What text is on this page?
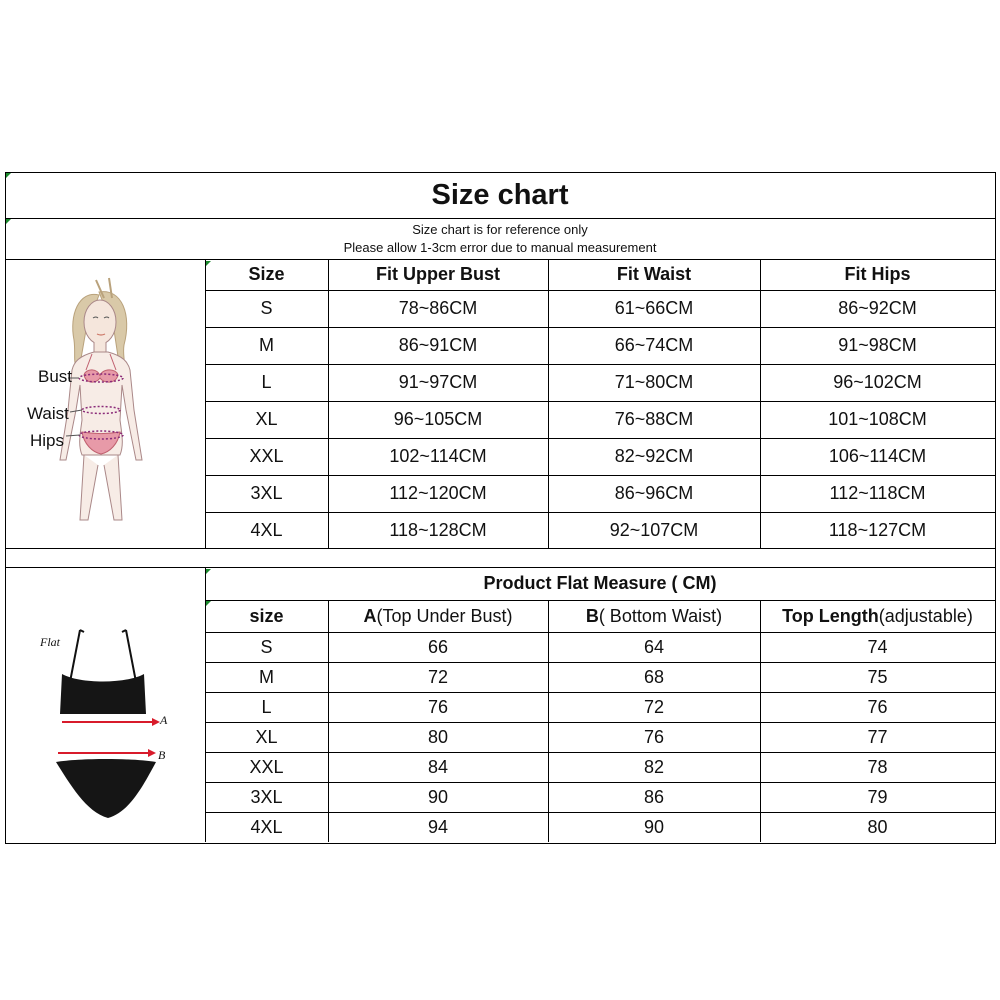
Size chart
Size chart is for reference only
Please allow 1-3cm error due to manual measurement
Product Flat Measure ( CM)
Bust
Waist
Hips
Flat
A
B
Size	Fit Upper Bust	Fit Waist	Fit Hips
S	78~86CM	61~66CM	86~92CM
M	86~91CM	66~74CM	91~98CM
L	91~97CM	71~80CM	96~102CM
XL	96~105CM	76~88CM	101~108CM
XXL	102~114CM	82~92CM	106~114CM
3XL	112~120CM	86~96CM	112~118CM
4XL	118~128CM	92~107CM	118~127CM
size	A (Top Under Bust)	B ( Bottom Waist)	Top Length (adjustable)
S	66	64	74
M	72	68	75
L	76	72	76
XL	80	76	77
XXL	84	82	78
3XL	90	86	79
4XL	94	90	80
